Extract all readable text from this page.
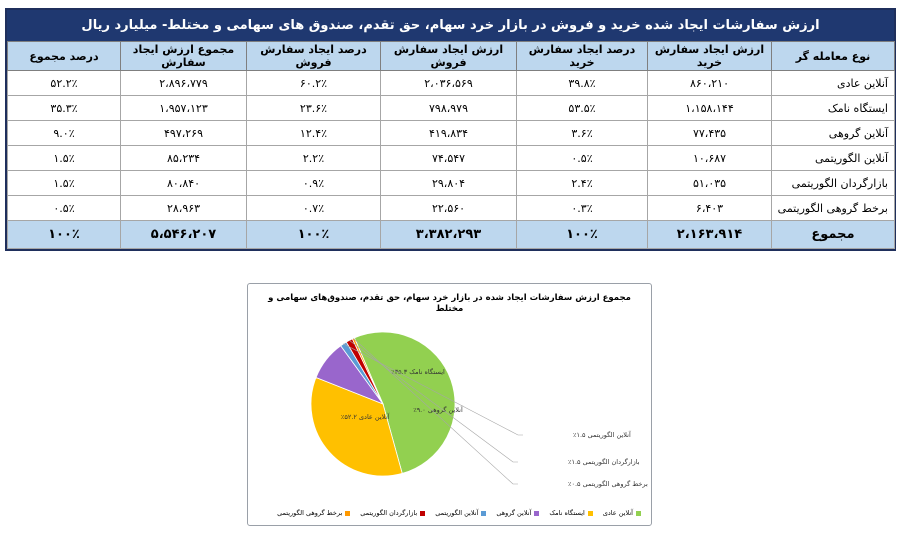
ارزش سفارشات ایجاد شده خرید و فروش در بازار خرد سهام، حق تقدم، صندوق های سهامی و مختلط- میلیارد ریال
نوع معامله گر	ارزش ایجاد سفارش خرید	درصد ایجاد سفارش خرید	ارزش ایجاد سفارش فروش	درصد ایجاد سفارش فروش	مجموع ارزش ایجاد سفارش	درصد مجموع
آنلاین عادی	۸۶۰،۲۱۰	۳۹.۸٪	۲،۰۳۶،۵۶۹	۶۰.۲٪	۲،۸۹۶،۷۷۹	۵۲.۲٪
ایستگاه نامک	۱،۱۵۸،۱۴۴	۵۳.۵٪	۷۹۸،۹۷۹	۲۳.۶٪	۱،۹۵۷،۱۲۳	۳۵.۳٪
آنلاین گروهی	۷۷،۴۳۵	۳.۶٪	۴۱۹،۸۳۴	۱۲.۴٪	۴۹۷،۲۶۹	۹.۰٪
آنلاین الگوریتمی	۱۰،۶۸۷	۰.۵٪	۷۴،۵۴۷	۲.۲٪	۸۵،۲۳۴	۱.۵٪
بازارگردان الگوریتمی	۵۱،۰۳۵	۲.۴٪	۲۹،۸۰۴	۰.۹٪	۸۰،۸۴۰	۱.۵٪
برخط گروهی الگوریتمی	۶،۴۰۳	۰.۳٪	۲۲،۵۶۰	۰.۷٪	۲۸،۹۶۳	۰.۵٪
مجموع	۲،۱۶۳،۹۱۴	۱۰۰٪	۳،۳۸۲،۲۹۳	۱۰۰٪	۵،۵۴۶،۲۰۷	۱۰۰٪
مجموع ارزش سفارشات ایجاد شده در بازار خرد سهام، حق تقدم، صندوق‌های سهامی و مختلط
آنلاین عادی ۵۲.۲٪
ایستگاه نامک ۳۵.۳٪
آنلاین گروهی ۹.۰٪
آنلاین الگوریتمی ۱.۵٪
بازارگردان الگوریتمی ۱.۵٪
برخط گروهی الگوریتمی ۰.۵٪
آنلاین عادی
ایستگاه نامک
آنلاین گروهی
آنلاین الگوریتمی
بازارگردان الگوریتمی
برخط گروهی الگوریتمی
